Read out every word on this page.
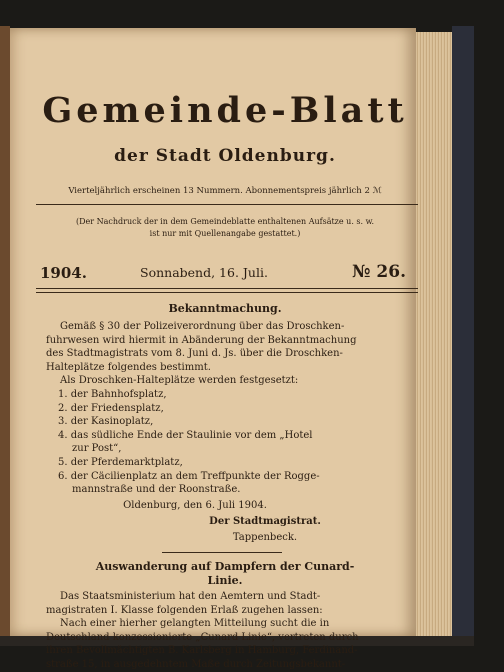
Gemeinde-Blatt
der Stadt Oldenburg.
Vierteljährlich erscheinen 13 Nummern. Abonnementspreis jährlich 2 ℳ
(Der Nachdruck der in dem Gemeindeblatte enthaltenen Aufsätze u. s. w.
ist nur mit Quellenangabe gestattet.)
1904.	Sonnabend, 16. Juli.	№ 26.
Bekanntmachung.
Gemäß § 30 der Polizeiverordnung über das Droschken-
fuhrwesen wird hiermit in Abänderung der Bekanntmachung
des Stadtmagistrats vom 8. Juni d. Js. über die Droschken-
Halteplätze folgendes bestimmt.
Als Droschken-Halteplätze werden festgesetzt:
1. der Bahnhofsplatz,
2. der Friedensplatz,
3. der Kasinoplatz,
4. das südliche Ende der Staulinie vor dem „Hotel
zur Post“,
5. der Pferdemarktplatz,
6. der Cäcilienplatz an dem Treffpunkte der Rogge-
mannstraße und der Roonstraße.
Oldenburg, den 6. Juli 1904.
Der Stadtmagistrat.
Tappenbeck.
Auswanderung auf Dampfern der Cunard-
Linie.
Das Staatsministerium hat den Aemtern und Stadt-
magistraten I. Klasse folgenden Erlaß zugehen lassen:
Nach einer hierher gelangten Mitteilung sucht die in
Deutschland konzessionierte „Cunard Linie“, vertreten durch
ihren Bevollmächtigten B. Karlsberg in Hamburg, Ferdinand-
straße 15, in ausgedehntem Maße durch Zeitungsbekannt-
